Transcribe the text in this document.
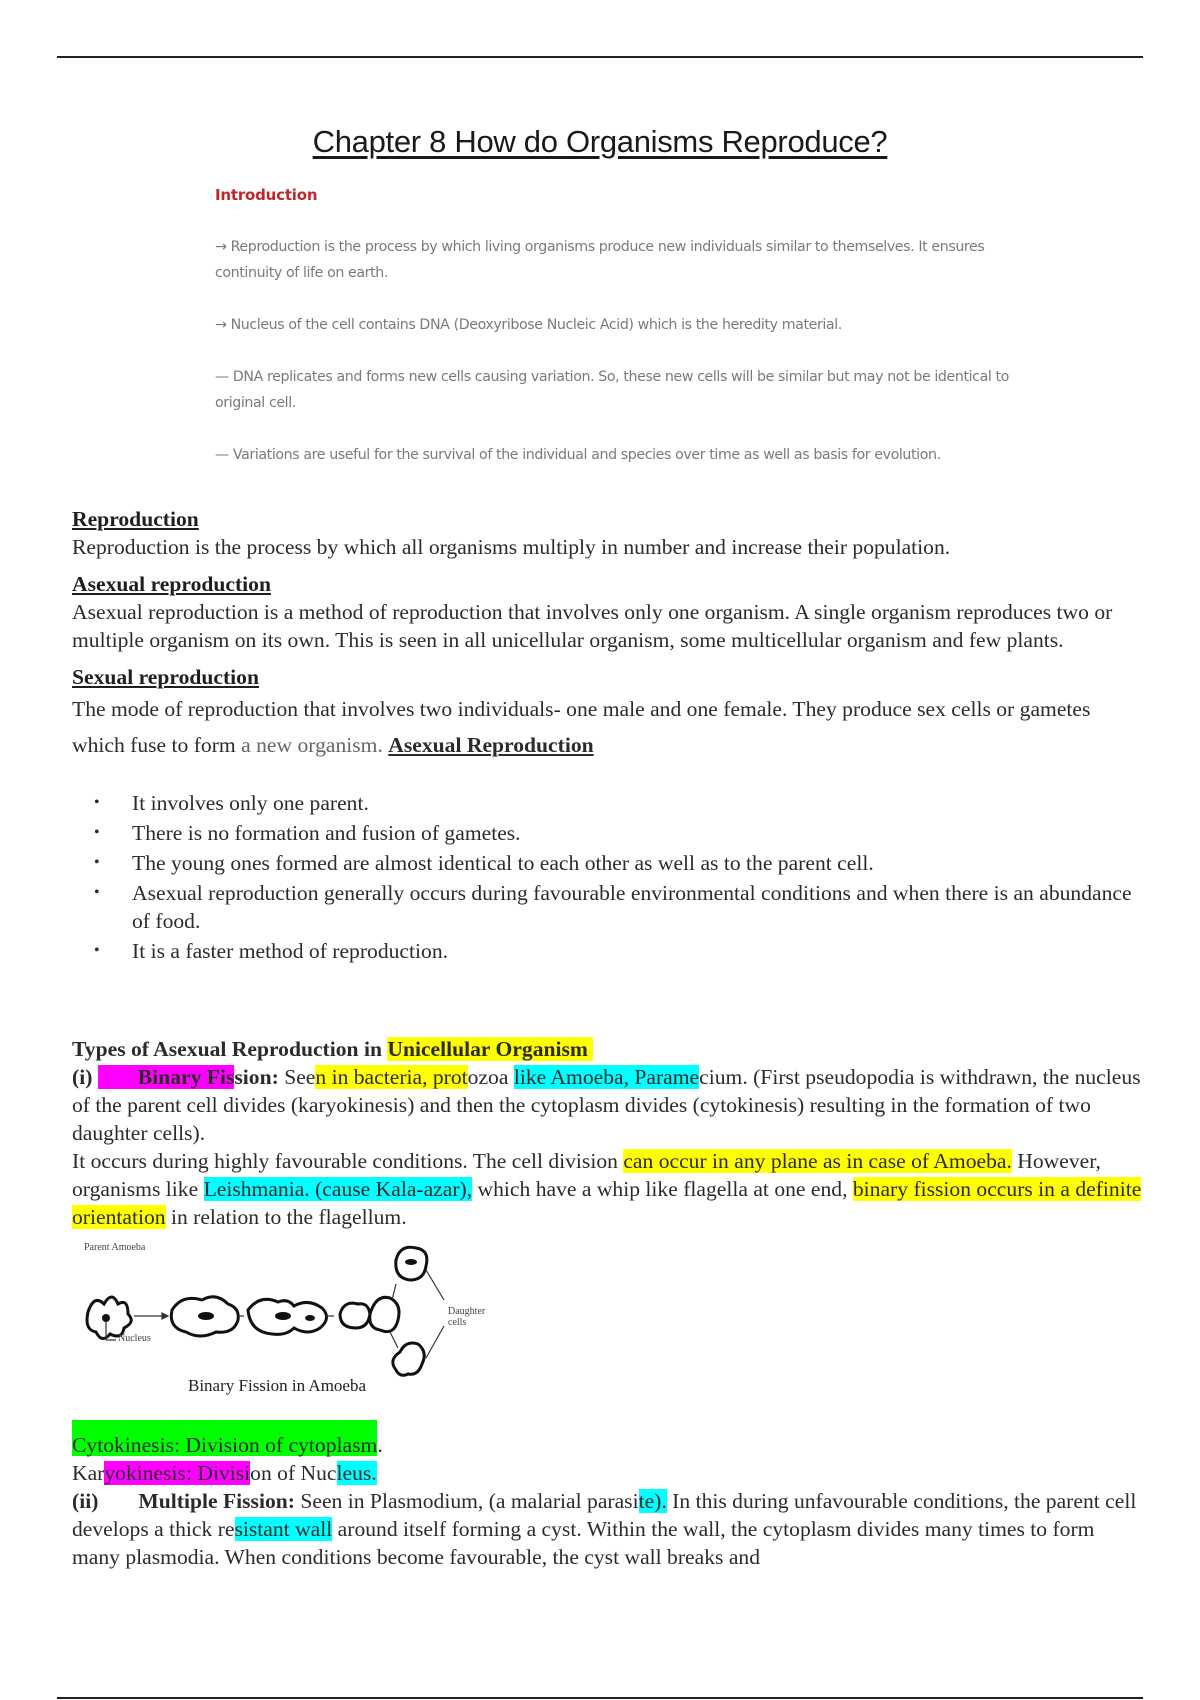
Chapter 8 How do Organisms Reproduce?
Introduction

→ Reproduction is the process by which living organisms produce new individuals similar to themselves. It ensures continuity of life on earth.

→ Nucleus of the cell contains DNA (Deoxyribose Nucleic Acid) which is the heredity material.

— DNA replicates and forms new cells causing variation. So, these new cells will be similar but may not be identical to original cell.

— Variations are useful for the survival of the individual and species over time as well as basis for evolution.

Reproduction

Reproduction is the process by which all organisms multiply in number and increase their population.

Asexual reproduction

Asexual reproduction is a method of reproduction that involves only one organism. A single organism reproduces two or multiple organism on its own. This is seen in all unicellular organism, some multicellular organism and few plants.

Sexual reproduction

The mode of reproduction that involves two individuals- one male and one female. They produce sex cells or gametes which fuse to form a new organism. Asexual Reproduction

• It involves only one parent.
• There is no formation and fusion of gametes.
• The young ones formed are almost identical to each other as well as to the parent cell.
• Asexual reproduction generally occurs during favourable environmental conditions and when there is an abundance of food.
• It is a faster method of reproduction.

Types of Asexual Reproduction in Unicellular Organism

(i) Binary Fission: Seen in bacteria, protozoa like Amoeba, Paramecium. (First pseudopodia is withdrawn, the nucleus of the parent cell divides (karyokinesis) and then the cytoplasm divides (cytokinesis) resulting in the formation of two daughter cells).

It occurs during highly favourable conditions. The cell division can occur in any plane as in case of Amoeba. However, organisms like Leishmania. (cause Kala-azar), which have a whip like flagella at one end, binary fission occurs in a definite orientation in relation to the flagellum.

Parent Amoeba
Nucleus
Daughter cells
Binary Fission in Amoeba

Cytokinesis: Division of cytoplasm.

Karyokinesis: Division of Nucleus.

(ii) Multiple Fission: Seen in Plasmodium, (a malarial parasite). In this during unfavourable conditions, the parent cell develops a thick resistant wall around itself forming a cyst. Within the wall, the cytoplasm divides many times to form many plasmodia. When conditions become favourable, the cyst wall breaks and
